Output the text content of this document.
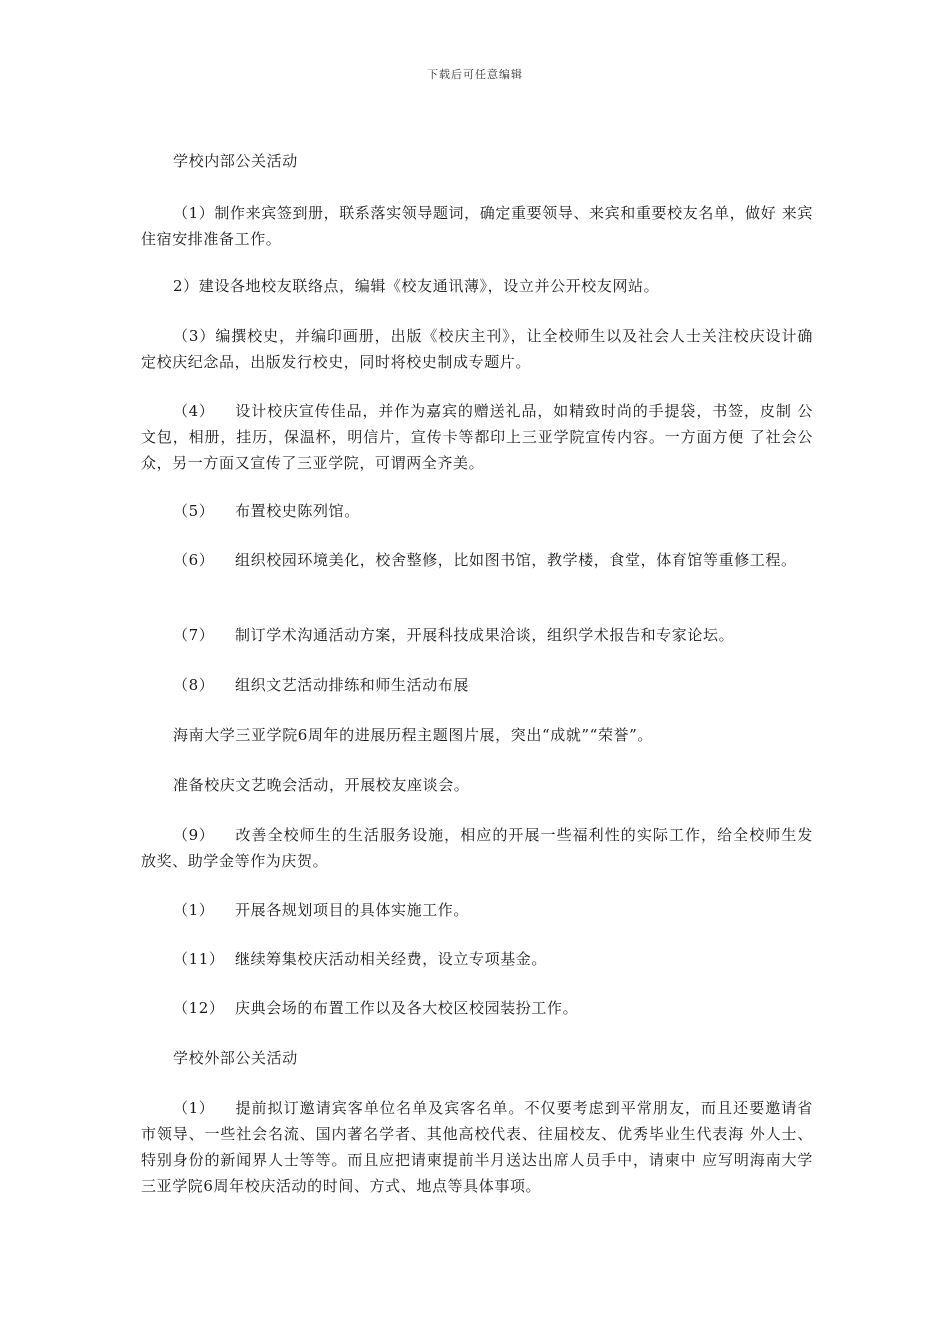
下载后可任意编辑
学校内部公关活动
（1）制作来宾签到册，联系落实领导题词，确定重要领导、来宾和重要校友名单，做好 来宾住宿安排准备工作。
2）建设各地校友联络点，编辑《校友通讯薄》，设立并公开校友网站。
（3）编撰校史，并编印画册，出版《校庆主刊》，让全校师生以及社会人士关注校庆设计确定校庆纪念品，出版发行校史，同时将校史制成专题片。
（4） 设计校庆宣传佳品，并作为嘉宾的赠送礼品，如精致时尚的手提袋，书签，皮制 公文包，相册，挂历，保温杯，明信片，宣传卡等都印上三亚学院宣传内容。一方面方便 了社会公众，另一方面又宣传了三亚学院，可谓两全齐美。
（5） 布置校史陈列馆。
（6） 组织校园环境美化，校舍整修，比如图书馆，教学楼，食堂，体育馆等重修工程。
（7） 制订学术沟通活动方案，开展科技成果洽谈，组织学术报告和专家论坛。
（8） 组织文艺活动排练和师生活动布展
海南大学三亚学院6周年的进展历程主题图片展，突出“成就”“荣誉”。
准备校庆文艺晚会活动，开展校友座谈会。
（9） 改善全校师生的生活服务设施，相应的开展一些福利性的实际工作，给全校师生发 放奖、助学金等作为庆贺。
（1） 开展各规划项目的具体实施工作。
（11） 继续筹集校庆活动相关经费，设立专项基金。
（12） 庆典会场的布置工作以及各大校区校园装扮工作。
学校外部公关活动
（1） 提前拟订邀请宾客单位名单及宾客名单。不仅要考虑到平常朋友，而且还要邀请省 市领导、一些社会名流、国内著名学者、其他高校代表、往届校友、优秀毕业生代表海 外人士、特别身份的新闻界人士等等。而且应把请柬提前半月送达出席人员手中，请柬中 应写明海南大学三亚学院6周年校庆活动的时间、方式、地点等具体事项。
